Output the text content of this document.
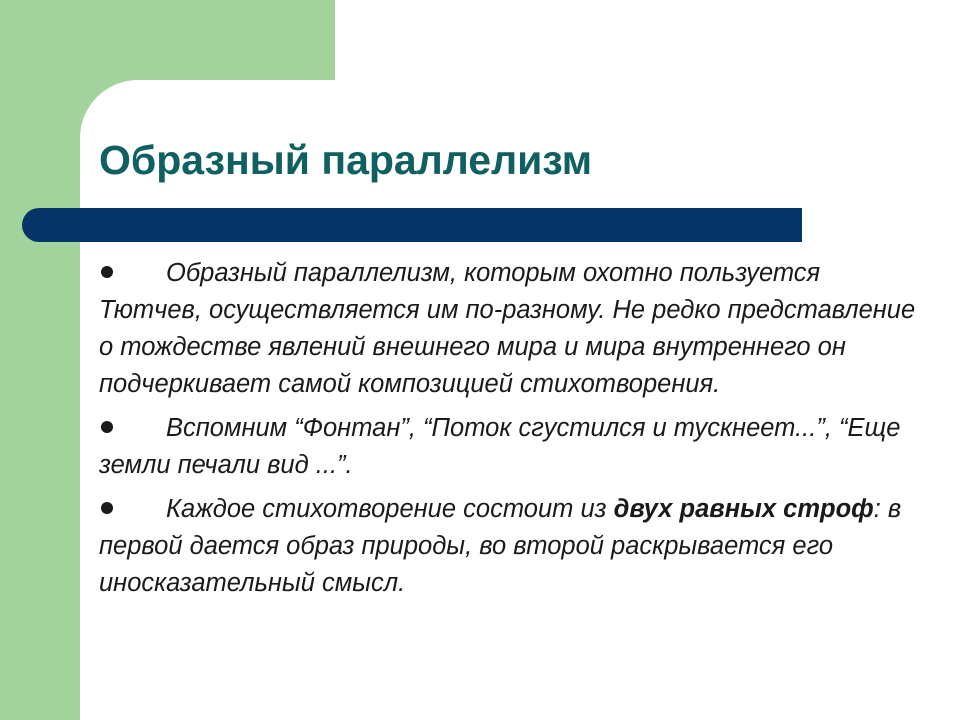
Образный параллелизм

Образный параллелизм, которым охотно пользуется Тютчев, осуществляется им по-разному. Не редко представление о тождестве явлений внешнего мира и мира внутреннего он подчеркивает самой композицией стихотворения.

Вспомним “Фонтан”, “Поток сгустился и тускнеет...”, “Еще земли печали вид ...”.

Каждое стихотворение состоит из двух равных строф: в первой дается образ природы, во второй раскрывается его иносказательный смысл.
